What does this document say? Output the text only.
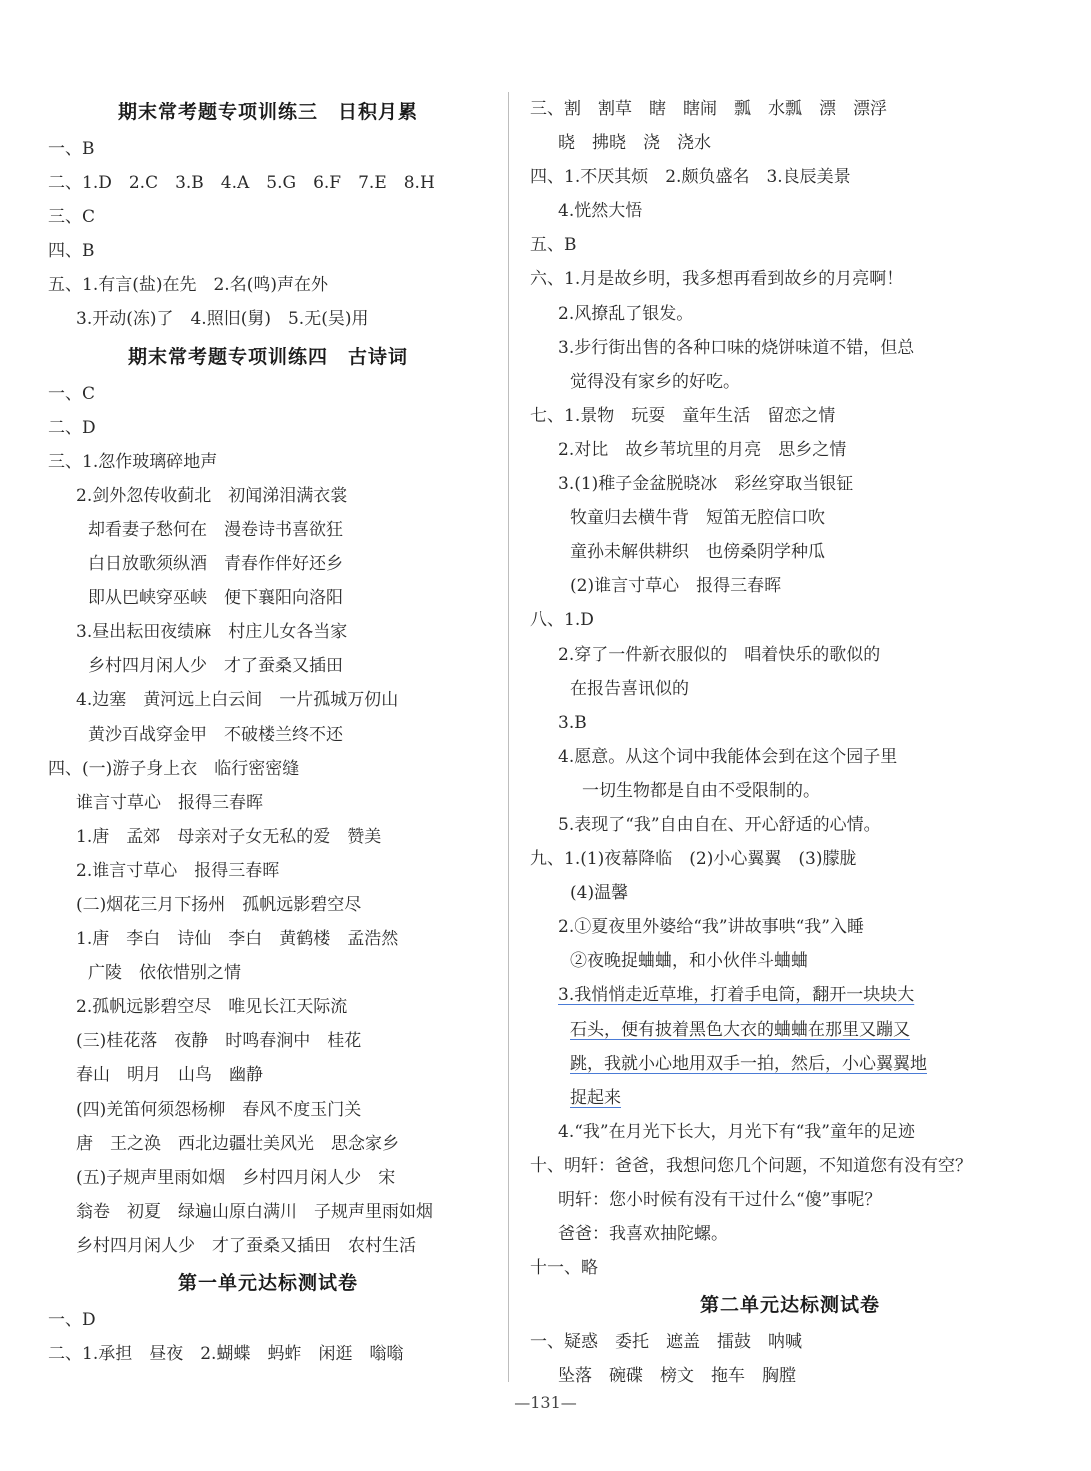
期末常考题专项训练三　日积月累
一、B
二、1.D　2.C　3.B　4.A　5.G　6.F　7.E　8.H
三、C
四、B
五、1.有言(盐)在先　2.名(鸣)声在外
3.开动(冻)了　4.照旧(舅)　5.无(吴)用
期末常考题专项训练四　古诗词
一、C
二、D
三、1.忽作玻璃碎地声
2.剑外忽传收蓟北　初闻涕泪满衣裳
却看妻子愁何在　漫卷诗书喜欲狂
白日放歌须纵酒　青春作伴好还乡
即从巴峡穿巫峡　便下襄阳向洛阳
3.昼出耘田夜绩麻　村庄儿女各当家
乡村四月闲人少　才了蚕桑又插田
4.边塞　黄河远上白云间　一片孤城万仞山
黄沙百战穿金甲　不破楼兰终不还
四、(一)游子身上衣　临行密密缝
谁言寸草心　报得三春晖
1.唐　孟郊　母亲对子女无私的爱　赞美
2.谁言寸草心　报得三春晖
(二)烟花三月下扬州　孤帆远影碧空尽
1.唐　李白　诗仙　李白　黄鹤楼　孟浩然
广陵　依依惜别之情
2.孤帆远影碧空尽　唯见长江天际流
(三)桂花落　夜静　时鸣春涧中　桂花
春山　明月　山鸟　幽静
(四)羌笛何须怨杨柳　春风不度玉门关
唐　王之涣　西北边疆壮美风光　思念家乡
(五)子规声里雨如烟　乡村四月闲人少　宋
翁卷　初夏　绿遍山原白满川　子规声里雨如烟
乡村四月闲人少　才了蚕桑又插田　农村生活
第一单元达标测试卷
一、D
二、1.承担　昼夜　2.蝴蝶　蚂蚱　闲逛　嗡嗡
三、割　割草　瞎　瞎闹　瓢　水瓢　漂　漂浮
晓　拂晓　浇　浇水
四、1.不厌其烦　2.颇负盛名　3.良辰美景
4.恍然大悟
五、B
六、1.月是故乡明，我多想再看到故乡的月亮啊！
2.风撩乱了银发。
3.步行街出售的各种口味的烧饼味道不错，但总
觉得没有家乡的好吃。
七、1.景物　玩耍　童年生活　留恋之情
2.对比　故乡苇坑里的月亮　思乡之情
3.(1)稚子金盆脱晓冰　彩丝穿取当银钲
牧童归去横牛背　短笛无腔信口吹
童孙未解供耕织　也傍桑阴学种瓜
(2)谁言寸草心　报得三春晖
八、1.D
2.穿了一件新衣服似的　唱着快乐的歌似的
在报告喜讯似的
3.B
4.愿意。从这个词中我能体会到在这个园子里
一切生物都是自由不受限制的。
5.表现了“我”自由自在、开心舒适的心情。
九、1.(1)夜幕降临　(2)小心翼翼　(3)朦胧
(4)温馨
2.①夏夜里外婆给“我”讲故事哄“我”入睡
②夜晚捉蛐蛐，和小伙伴斗蛐蛐
3.我悄悄走近草堆，打着手电筒，翻开一块块大
石头，便有披着黑色大衣的蛐蛐在那里又蹦又
跳，我就小心地用双手一拍，然后，小心翼翼地
捉起来
4.“我”在月光下长大，月光下有“我”童年的足迹
十、明轩：爸爸，我想问您几个问题，不知道您有没有空？
明轩：您小时候有没有干过什么“傻”事呢？
爸爸：我喜欢抽陀螺。
十一、略
第二单元达标测试卷
一、疑惑　委托　遮盖　擂鼓　呐喊
坠落　碗碟　榜文　拖车　胸膛
—131—
